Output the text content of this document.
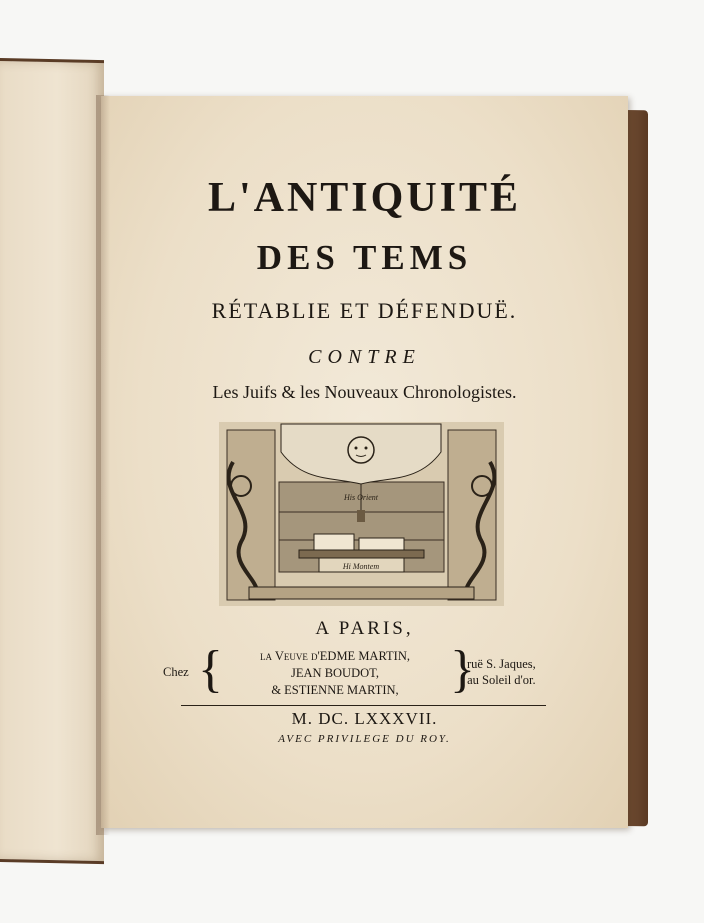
L'ANTIQUITÉ
DES TEMS
RÉTABLIE ET DÉFENDUË.
CONTRE
Les Juifs & les Nouveaux Chronologistes.
His Orient
Hi Montem
A PARIS,
Chez {	la Veuve d'EDME MARTIN,
JEAN BOUDOT,
& ESTIENNE MARTIN, }
ruë S. Jaques,
au Soleil d'or.
M. DC. LXXXVII.
AVEC PRIVILEGE DU ROY.
